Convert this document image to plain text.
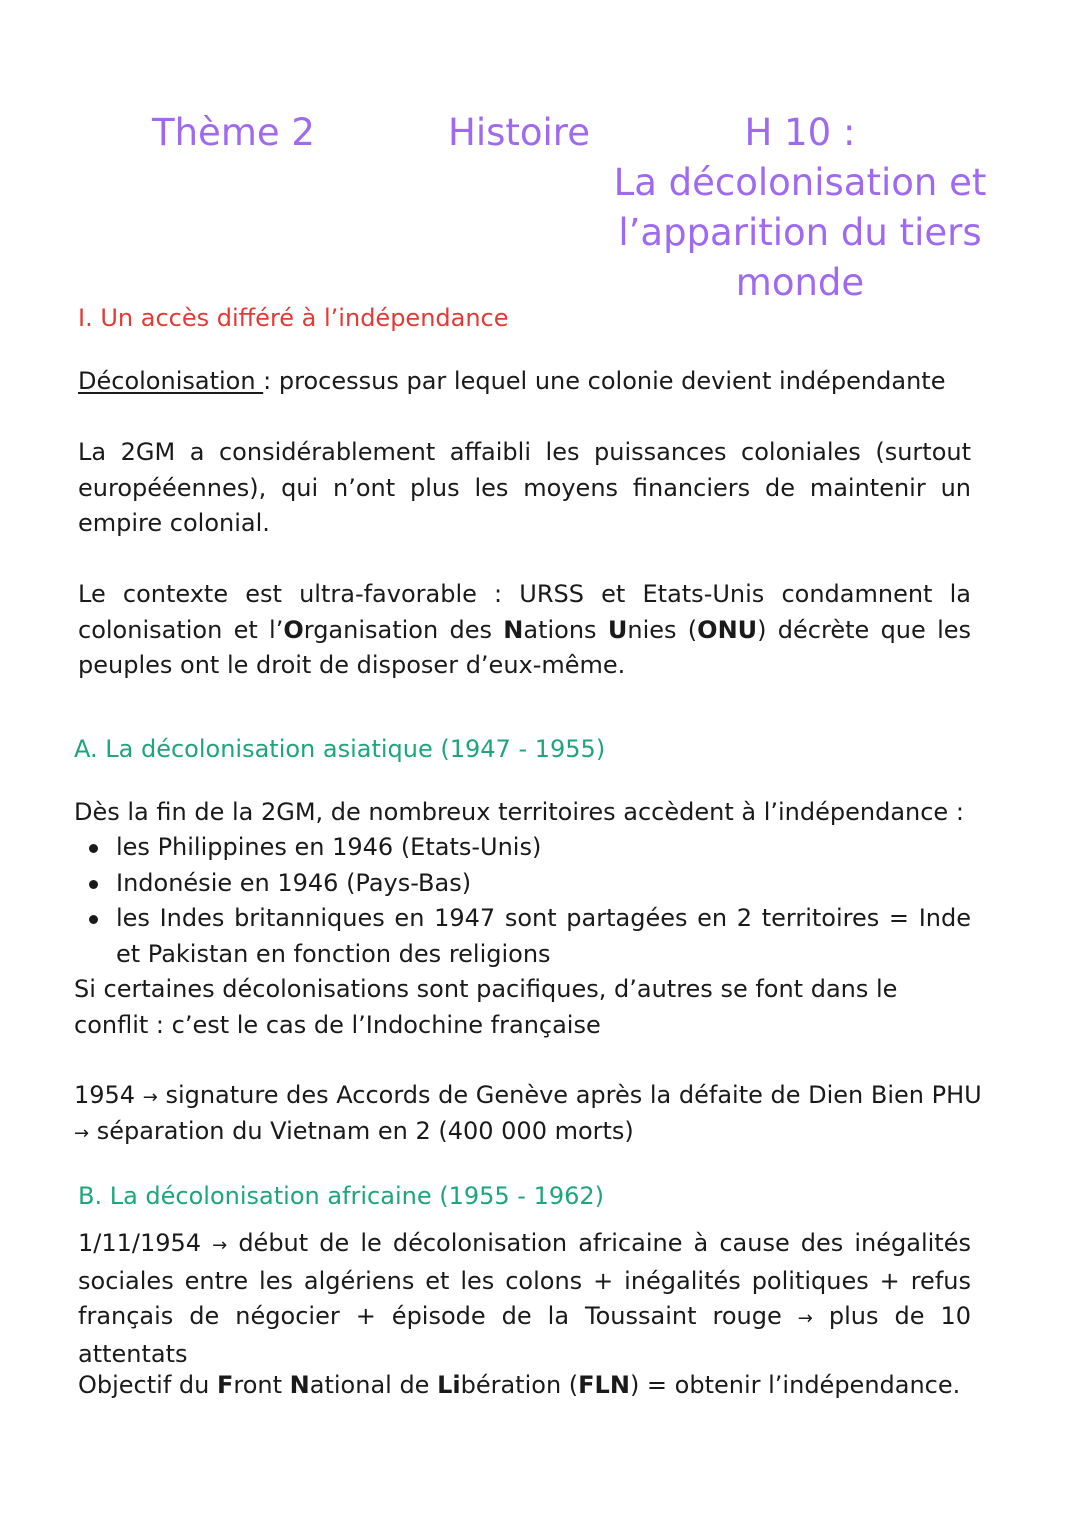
Thème 2	Histoire	H 10 :
La décolonisation et
l’apparition du tiers
monde
I. Un accès différé à l’indépendance
Décolonisation : processus par lequel une colonie devient indépendante
La 2GM a considérablement affaibli les puissances coloniales (surtout europééennes), qui n’ont plus les moyens financiers de maintenir un empire colonial.
Le contexte est ultra-favorable : URSS et Etats-Unis condamnent la colonisation et l’Organisation des Nations Unies (ONU) décrète que les peuples ont le droit de disposer d’eux-même.
A. La décolonisation asiatique (1947 - 1955)
Dès la fin de la 2GM, de nombreux territoires accèdent à l’indépendance :
les Philippines en 1946 (Etats-Unis)
Indonésie en 1946 (Pays-Bas)
les Indes britanniques en 1947 sont partagées en 2 territoires = Inde et Pakistan en fonction des religions
Si certaines décolonisations sont pacifiques, d’autres se font dans le conflit : c’est le cas de l’Indochine française
1954 → signature des Accords de Genève après la défaite de Dien Bien PHU
→ séparation du Vietnam en 2 (400 000 morts)
B. La décolonisation africaine (1955 - 1962)
1/11/1954 → début de le décolonisation africaine à cause des inégalités sociales entre les algériens et les colons + inégalités politiques + refus français de négocier + épisode de la Toussaint rouge → plus de 10 attentats
Objectif du Front National de Libération (FLN) = obtenir l’indépendance.
